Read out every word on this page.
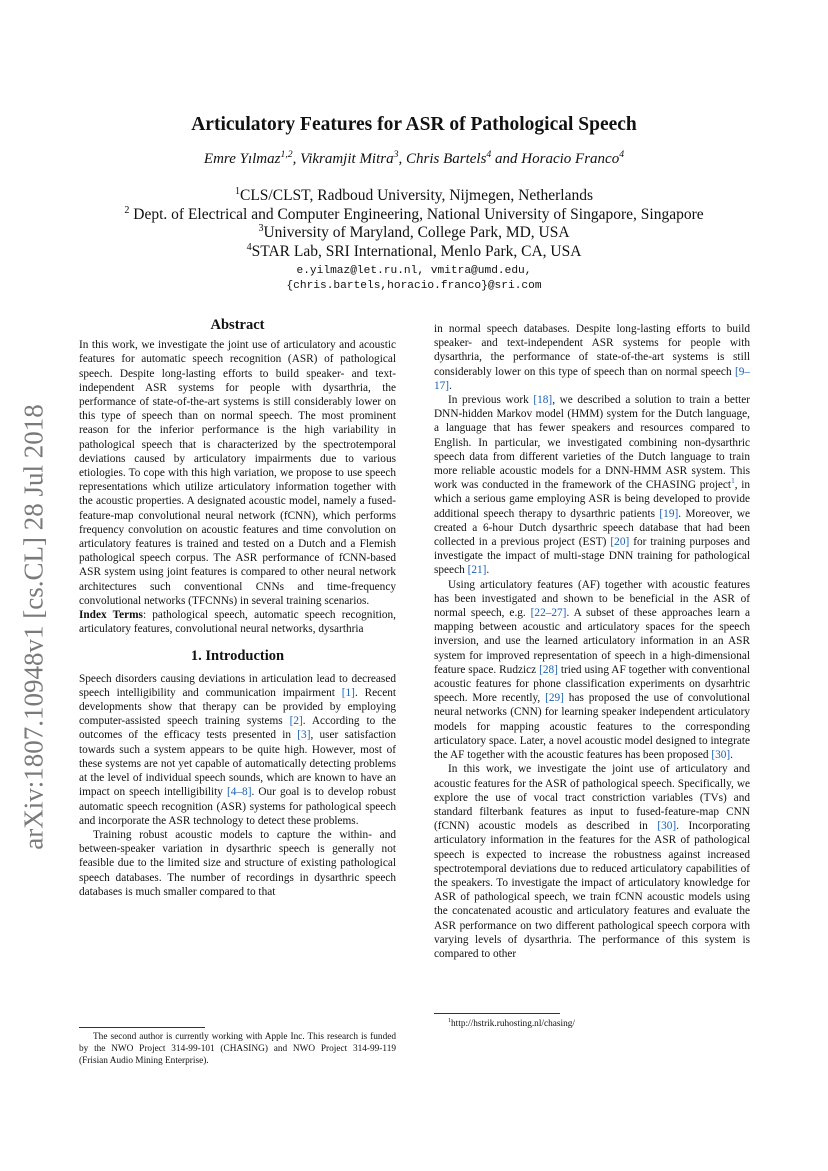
arXiv:1807.10948v1 [cs.CL] 28 Jul 2018
Articulatory Features for ASR of Pathological Speech
Emre Yılmaz$^{1,2}$, Vikramjit Mitra$^3$, Chris Bartels$^4$ and Horacio Franco$^4$
$^1$CLS/CLST, Radboud University, Nijmegen, Netherlands
$^2$ Dept. of Electrical and Computer Engineering, National University of Singapore, Singapore
$^3$University of Maryland, College Park, MD, USA
$^4$STAR Lab, SRI International, Menlo Park, CA, USA
e.yilmaz@let.ru.nl, vmitra@umd.edu,
{chris.bartels,horacio.franco}@sri.com
Abstract

In this work, we investigate the joint use of articulatory and acoustic features for automatic speech recognition (ASR) of pathological speech. Despite long-lasting efforts to build speaker- and text-independent ASR systems for people with dysarthria, the performance of state-of-the-art systems is still considerably lower on this type of speech than on normal speech. The most prominent reason for the inferior performance is the high variability in pathological speech that is characterized by the spectrotemporal deviations caused by articulatory impairments due to various etiologies. To cope with this high variation, we propose to use speech representations which utilize articulatory information together with the acoustic properties. A designated acoustic model, namely a fused-feature-map convolutional neural network (fCNN), which performs frequency convolution on acoustic features and time convolution on articulatory features is trained and tested on a Dutch and a Flemish pathological speech corpus. The ASR performance of fCNN-based ASR system using joint features is compared to other neural network architectures such conventional CNNs and time-frequency convolutional networks (TFCNNs) in several training scenarios.

Index Terms: pathological speech, automatic speech recognition, articulatory features, convolutional neural networks, dysarthria

1. Introduction

Speech disorders causing deviations in articulation lead to decreased speech intelligibility and communication impairment [1]. Recent developments show that therapy can be provided by employing computer-assisted speech training systems [2]. According to the outcomes of the efficacy tests presented in [3], user satisfaction towards such a system appears to be quite high. However, most of these systems are not yet capable of automatically detecting problems at the level of individual speech sounds, which are known to have an impact on speech intelligibility [4–8]. Our goal is to develop robust automatic speech recognition (ASR) systems for pathological speech and incorporate the ASR technology to detect these problems.

Training robust acoustic models to capture the within- and between-speaker variation in dysarthric speech is generally not feasible due to the limited size and structure of existing pathological speech databases. The number of recordings in dysarthric speech databases is much smaller compared to that

The second author is currently working with Apple Inc. This research is funded by the NWO Project 314-99-101 (CHASING) and NWO Project 314-99-119 (Frisian Audio Mining Enterprise).

in normal speech databases. Despite long-lasting efforts to build speaker- and text-independent ASR systems for people with dysarthria, the performance of state-of-the-art systems is still considerably lower on this type of speech than on normal speech [9–17].

In previous work [18], we described a solution to train a better DNN-hidden Markov model (HMM) system for the Dutch language, a language that has fewer speakers and resources compared to English. In particular, we investigated combining non-dysarthric speech data from different varieties of the Dutch language to train more reliable acoustic models for a DNN-HMM ASR system. This work was conducted in the framework of the CHASING project$^1$, in which a serious game employing ASR is being developed to provide additional speech therapy to dysarthric patients [19]. Moreover, we created a 6-hour Dutch dysarthric speech database that had been collected in a previous project (EST) [20] for training purposes and investigate the impact of multi-stage DNN training for pathological speech [21].

Using articulatory features (AF) together with acoustic features has been investigated and shown to be beneficial in the ASR of normal speech, e.g. [22–27]. A subset of these approaches learn a mapping between acoustic and articulatory spaces for the speech inversion, and use the learned articulatory information in an ASR system for improved representation of speech in a high-dimensional feature space. Rudzicz [28] tried using AF together with conventional acoustic features for phone classification experiments on dysarhtric speech. More recently, [29] has proposed the use of convolutional neural networks (CNN) for learning speaker independent articulatory models for mapping acoustic features to the corresponding articulatory space. Later, a novel acoustic model designed to integrate the AF together with the acoustic features has been proposed [30].

In this work, we investigate the joint use of articulatory and acoustic features for the ASR of pathological speech. Specifically, we explore the use of vocal tract constriction variables (TVs) and standard filterbank features as input to fused-feature-map CNN (fCNN) acoustic models as described in [30]. Incorporating articulatory information in the features for the ASR of pathological speech is expected to increase the robustness against increased spectrotemporal deviations due to reduced articulatory capabilities of the speakers. To investigate the impact of articulatory knowledge for ASR of pathological speech, we train fCNN acoustic models using the concatenated acoustic and articulatory features and evaluate the ASR performance on two different pathological speech corpora with varying levels of dysarthria. The performance of this system is compared to other

$^1$http://hstrik.ruhosting.nl/chasing/
